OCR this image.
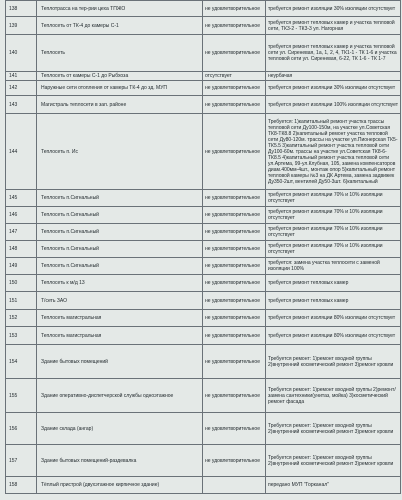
138	Теплотрасса на тер-рии цеха ТПЖО	не удовлетворительное	требуется ремонт изоляции 30% изоляции отсутствует
139	Теплосеть от ТК-4 до камеры С-1	не удовлетворительное	требуется ремонт тепловых камер и участка тепловой сети, ТК3-2 - ТК3-3 ул. Нагорная
140	Теплосеть	не удовлетворительное	требуется ремонт тепловых камер и участка тепловой сети ул. Сиреневая, 1а, 1, 2, 4, ТК1-1 - ТК 1-6 и участка тепловой сети ул. Сиреневая, 6-22, ТК 1-6 - ТК 1-7
141	Теплосеть от камеры С-1 до Рыбхоза	отсутствует	неурбачая
142	Наружные сети отопления от камеры ТК-4 до зд. МУП	не удовлетворительное	требуется ремонт изоляции 30% изоляции отсутствует
143	Магистраль теплосети в зап. районе	не удовлетворительное	требуется ремонт изоляции 100% изоляции отсутствует
144	Теплосеть п. Ис	не удовлетворительное	Требуется: 1)капитальный ремонт участка трассы тепловой сети Ду100-150м, на участке ул.Советская ТК8-ТК8.8 2)капитальный ремонт участка тепловой сети Ду80-120м. трассы на участке ул.Пионерская ТК5-ТК5.5 3)капитальный ремонт участка тепловой сети Ду100-60м. трассы на участке ул.Советская ТК8-6-ТК8.5 4)капитальный ремонт участка тепловой сети ул.Артема, 99-ул.Клубная, 105, замена компенсаторов диам.400мм-4шт., монтаж опор 5)капитальный ремонт тепловой камеры №3 на ДК Артема, замена задвижек Ду350-2шт, вентилей Ду50-3шт. 6)капитальный
145	Теплосеть п.Сигнальный	не удовлетворительное	требуется ремонт изоляции 70% и 10% изоляции отсутствует
146	Теплосеть п.Сигнальный	не удовлетворительное	требуется ремонт изоляции 70% и 10% изоляции отсутствует
147	Теплосеть п.Сигнальный	не удовлетворительное	требуется ремонт изоляции 70% и 10% изоляции отсутствует
148	Теплосеть п.Сигнальный	не удовлетворительное	требуется ремонт изоляции 70% и 10% изоляции отсутствует
149	Теплосеть п.Сигнальный	не удовлетворительное	требуется: замена участка теплосети с заменой изоляции 100%
150	Теплосеть к м/д 13	не удовлетворительное	требуется ремонт тепловых камер
151	Т/сеть ЗАО	не удовлетворительное	требуется ремонт тепловых камер
152	Теплосеть магистральная	не удовлетворительное	требуется ремонт изоляции 80% изоляции отсутствует
153	Теплосеть магистральная	не удовлетворительное	требуется ремонт изоляции 80% изоляции отсутствует
154	Здание бытовых помещений	не удовлетворительное	Требуется ремонт: 1)ремонт входной группы 2)внутренний косметический ремонт 3)ремонт кровли
155	Здание оперативно-диспетчерской службы одноэтажное	не удовлетворительное	Требуется ремонт: 1)ремонт входной группы 2)ремонт/замена сантехники(унитаз, мойка) 3)косметический ремонт фасада
156	Здание склада (ангар)	не удовлетворительное	Требуется ремонт: 1)ремонт входной группы 2)внутренний косметический ремонт 3)ремонт кровли
157	Здание бытовых помещений-раздевалка	не удовлетворительное	Требуется ремонт: 1)ремонт входной группы 2)внутренний косметический ремонт 3)ремонт кровли
158	Тёплый пристрой (двухэтажное кирпичное здание)		передано МУП "Горканал"
